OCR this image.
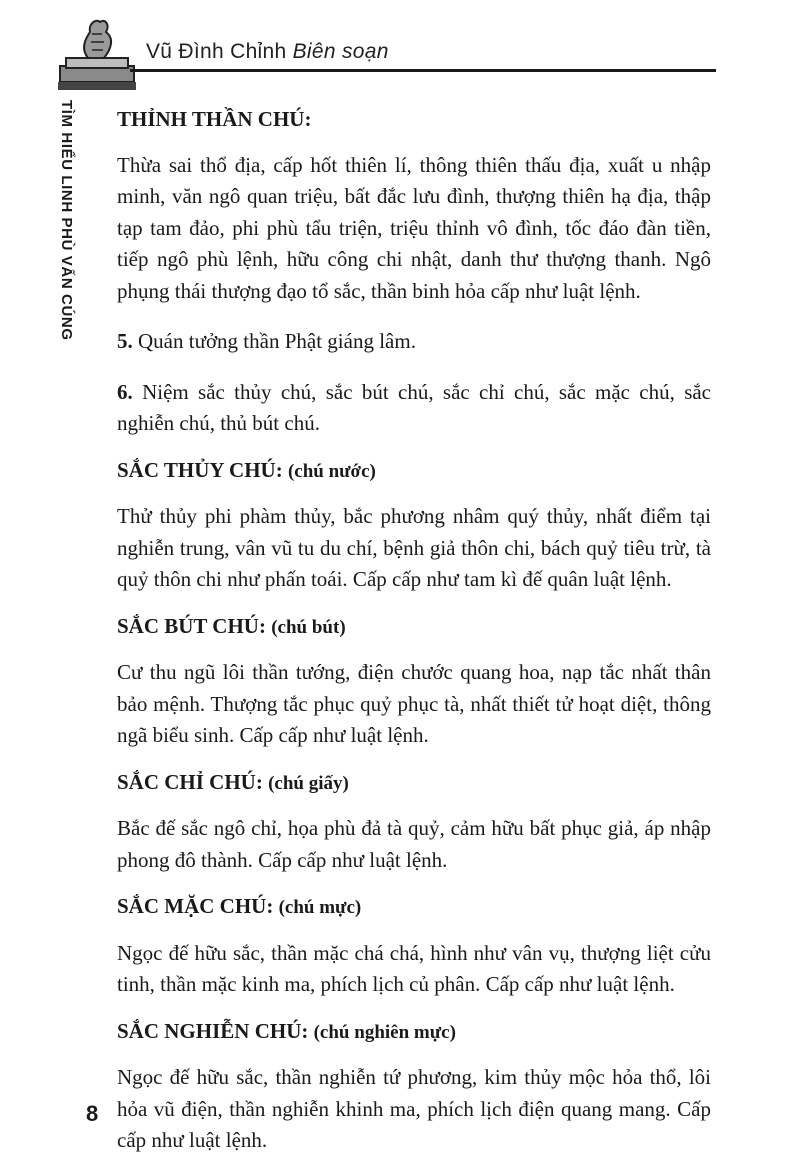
Vũ Đình Chỉnh Biên soạn
TÌM HIỂU LINH PHÙ VẤN CÚNG THỈNH THẦN CHÚ:

Thừa sai thổ địa, cấp hốt thiên lí, thông thiên thấu địa, xuất u nhập minh, văn ngô quan triệu, bất đắc lưu đình, thượng thiên hạ địa, thập tạp tam đảo, phi phù tẩu triện, triệu thỉnh vô đình, tốc đáo đàn tiền, tiếp ngô phù lệnh, hữu công chi nhật, danh thư thượng thanh. Ngô phụng thái thượng đạo tổ sắc, thần binh hỏa cấp như luật lệnh.

5. Quán tưởng thần Phật giáng lâm.

6. Niệm sắc thủy chú, sắc bút chú, sắc chỉ chú, sắc mặc chú, sắc nghiễn chú, thủ bút chú.

SẮC THỦY CHÚ: (chú nước)

Thử thủy phi phàm thủy, bắc phương nhâm quý thủy, nhất điểm tại nghiễn trung, vân vũ tu du chí, bệnh giả thôn chi, bách quỷ tiêu trừ, tà quỷ thôn chi như phấn toái. Cấp cấp như tam kì đế quân luật lệnh.

SẮC BÚT CHÚ: (chú bút)

Cư thu ngũ lôi thần tướng, điện chước quang hoa, nạp tắc nhất thân bảo mệnh. Thượng tắc phục quỷ phục tà, nhất thiết tử hoạt diệt, thông ngã biểu sinh. Cấp cấp như luật lệnh.

SẮC CHỈ CHÚ: (chú giấy)

Bắc đế sắc ngô chỉ, họa phù đả tà quỷ, cảm hữu bất phục giả, áp nhập phong đô thành. Cấp cấp như luật lệnh.

SẮC MẶC CHÚ: (chú mực)

Ngọc đế hữu sắc, thần mặc chá chá, hình như vân vụ, thượng liệt cửu tinh, thần mặc kinh ma, phích lịch củ phân. Cấp cấp như luật lệnh.

SẮC NGHIỄN CHÚ: (chú nghiên mực)

Ngọc đế hữu sắc, thần nghiễn tứ phương, kim thủy mộc hỏa thổ, lôi hỏa vũ điện, thần nghiễn khinh ma, phích lịch điện quang mang. Cấp cấp như luật lệnh.

8
